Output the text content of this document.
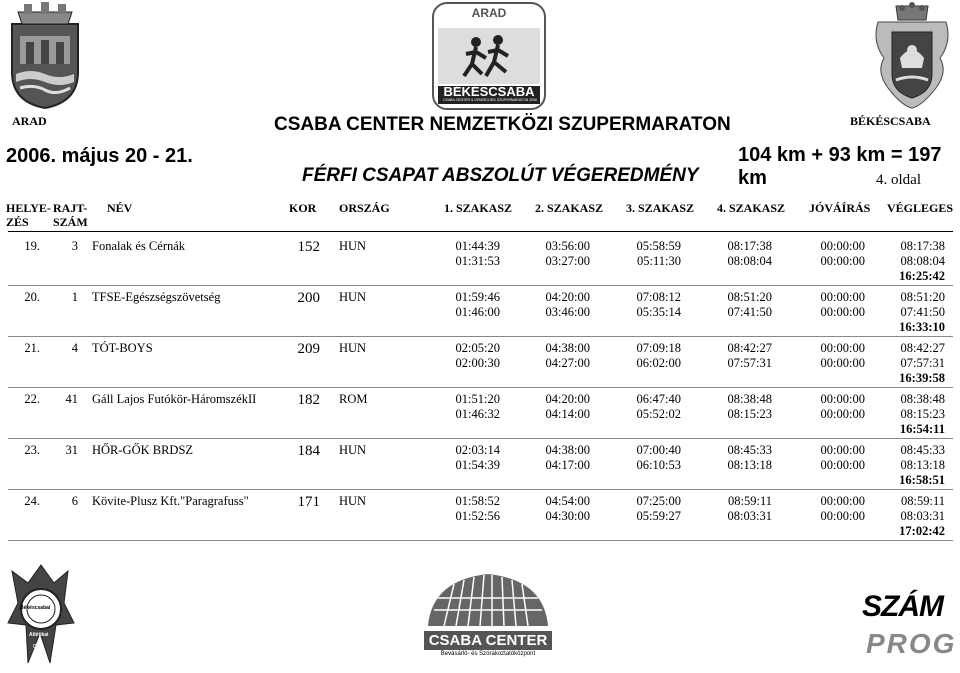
ARAD
BÉKÉSCSABA
CSABA CENTER & VENDÉGJEG SZUPERMARATON 2006
ARAD	BÉKÉSCSABA
CSABA CENTER NEMZETKÖZI SZUPERMARATON
2006. május 20 - 21.	104 km + 93 km = 197 km
FÉRFI CSAPAT ABSZOLÚT VÉGEREDMÉNY	4. oldal
HELYE-
ZÉS
RAJT-
SZÁM
NÉV	KOR ORSZÁG	1. SZAKASZ 2. SZAKASZ 3. SZAKASZ 4. SZAKASZ JÓVÁÍRÁS VÉGLEGES
19.	3 Fonalak és Cérnák	152 HUN	01:44:39	03:56:00	05:58:59	08:17:38	00:00:00	08:17:38
01:31:53	03:27:00	05:11:30	08:08:04	00:00:00	08:08:04
16:25:42
20.	1 TFSE-Egészségszövetség	200 HUN	01:59:46	04:20:00	07:08:12	08:51:20	00:00:00	08:51:20
01:46:00	03:46:00	05:35:14	07:41:50	00:00:00	07:41:50
16:33:10
21.	4 TÓT-BOYS	209 HUN	02:05:20	04:38:00	07:09:18	08:42:27	00:00:00	08:42:27
02:00:30	04:27:00	06:02:00	07:57:31	00:00:00	07:57:31
16:39:58
22.	41 Gáll Lajos Futókör-HáromszékII	182 ROM	01:51:20	04:20:00	06:47:40	08:38:48	00:00:00	08:38:48
01:46:32	04:14:00	05:52:02	08:15:23	00:00:00	08:15:23
16:54:11
23.	31 HŐR-GŐK BRDSZ	184 HUN	02:03:14	04:38:00	07:00:40	08:45:33	00:00:00	08:45:33
01:54:39	04:17:00	06:10:53	08:13:18	00:00:00	08:13:18
16:58:51
24.	6 Kövite-Plusz Kft."Paragrafuss"	171 HUN	01:58:52	04:54:00	07:25:00	08:59:11	00:00:00	08:59:11
01:52:56	04:30:00	05:59:27	08:03:31	00:00:00	08:03:31
17:02:42
Békéscsabai
Atlétikai
Club	CSABA CENTER
Bevásárló- és Szórakoztatóközpont
SZÁM
PROG
